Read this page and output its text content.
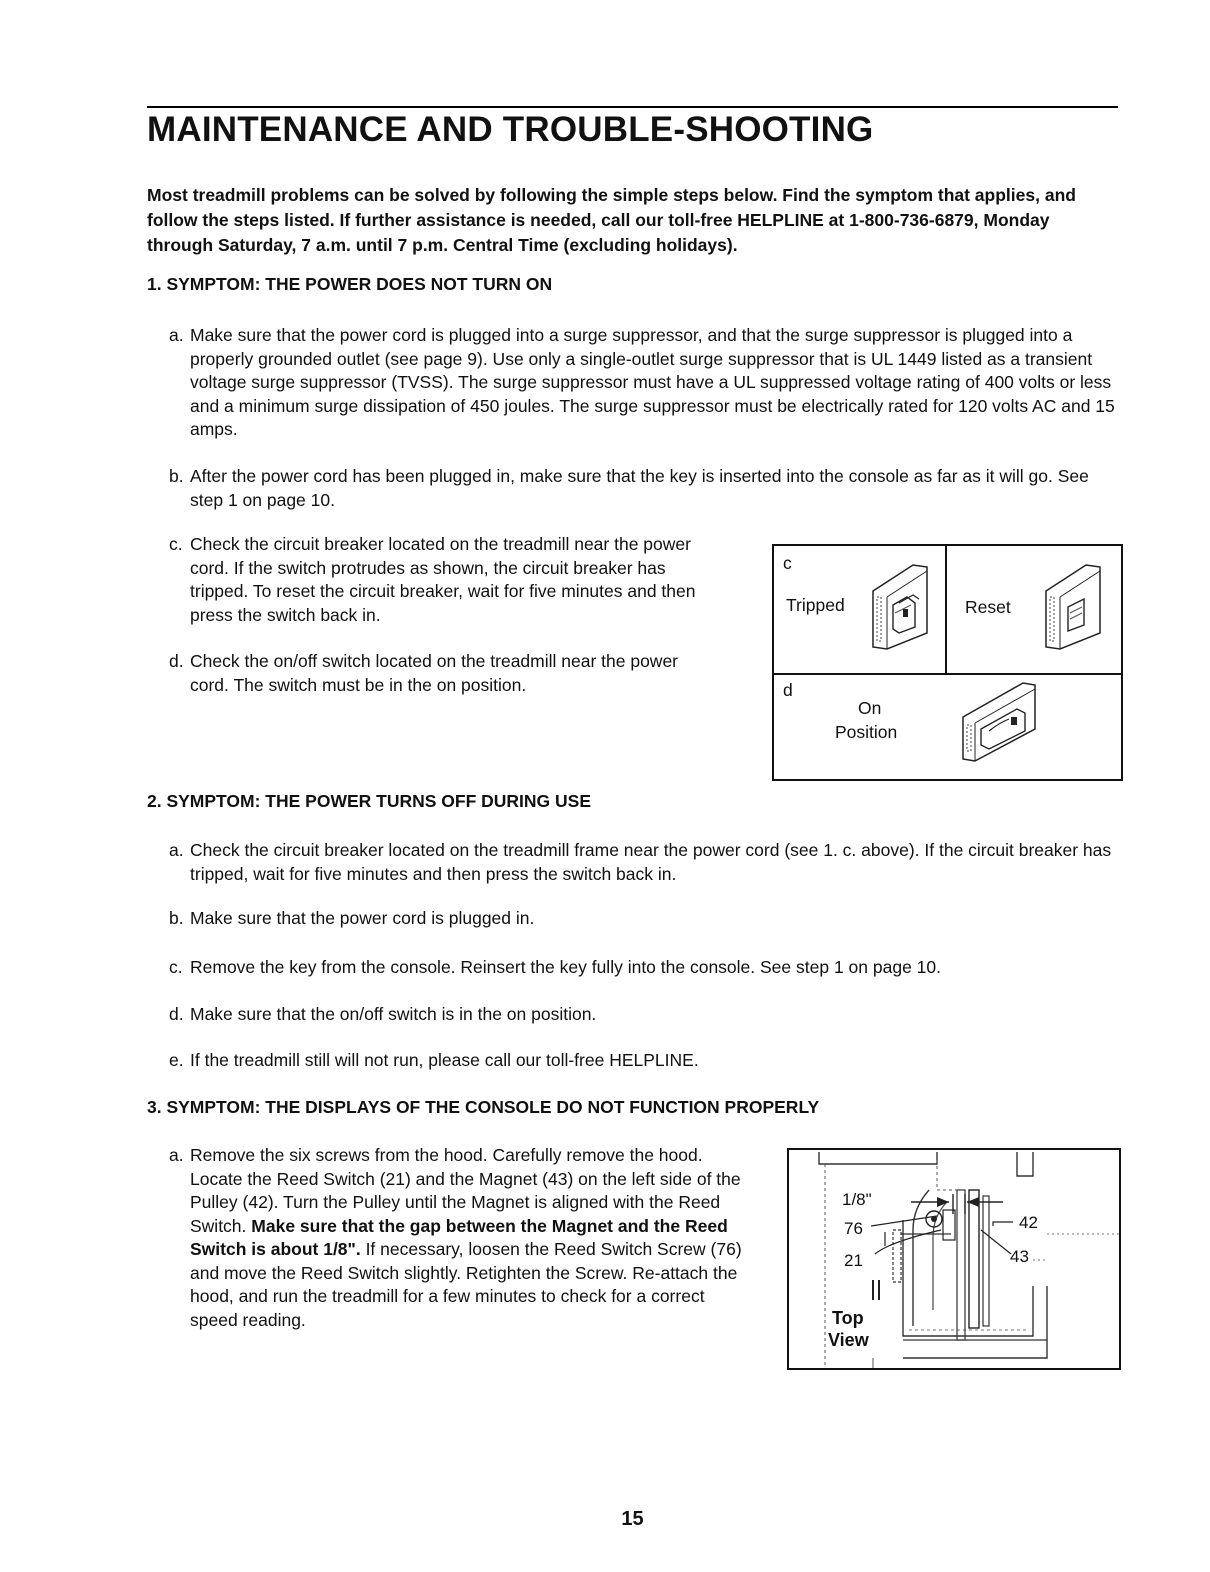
MAINTENANCE AND TROUBLE-SHOOTING

Most treadmill problems can be solved by following the simple steps below. Find the symptom that applies, and follow the steps listed. If further assistance is needed, call our toll-free HELPLINE at 1-800-736-6879, Monday through Saturday, 7 a.m. until 7 p.m. Central Time (excluding holidays).

1. SYMPTOM: THE POWER DOES NOT TURN ON

a. Make sure that the power cord is plugged into a surge suppressor, and that the surge suppressor is plugged into a properly grounded outlet (see page 9). Use only a single-outlet surge suppressor that is UL 1449 listed as a transient voltage surge suppressor (TVSS). The surge suppressor must have a UL suppressed voltage rating of 400 volts or less and a minimum surge dissipation of 450 joules. The surge suppressor must be electrically rated for 120 volts AC and 15 amps.
b. After the power cord has been plugged in, make sure that the key is inserted into the console as far as it will go. See step 1 on page 10.
c. Check the circuit breaker located on the treadmill near the power cord. If the switch protrudes as shown, the circuit breaker has tripped. To reset the circuit breaker, wait for five minutes and then press the switch back in.
d. Check the on/off switch located on the treadmill near the power cord. The switch must be in the on position.
c
Tripped	Reset
d
On
Position

2. SYMPTOM: THE POWER TURNS OFF DURING USE

a. Check the circuit breaker located on the treadmill frame near the power cord (see 1. c. above). If the circuit breaker has tripped, wait for five minutes and then press the switch back in.
b. Make sure that the power cord is plugged in.
c. Remove the key from the console. Reinsert the key fully into the console. See step 1 on page 10.
d. Make sure that the on/off switch is in the on position.
e. If the treadmill still will not run, please call our toll-free HELPLINE.

3. SYMPTOM: THE DISPLAYS OF THE CONSOLE DO NOT FUNCTION PROPERLY

a. Remove the six screws from the hood. Carefully remove the hood. Locate the Reed Switch (21) and the Magnet (43) on the left side of the Pulley (42). Turn the Pulley until the Magnet is aligned with the Reed Switch. Make sure that the gap between the Magnet and the Reed Switch is about 1/8". If necessary, loosen the Reed Switch Screw (76) and move the Reed Switch slightly. Retighten the Screw. Re-attach the hood, and run the treadmill for a few minutes to check for a correct speed reading.
1/8"
76
21
42
43
Top
View
15
